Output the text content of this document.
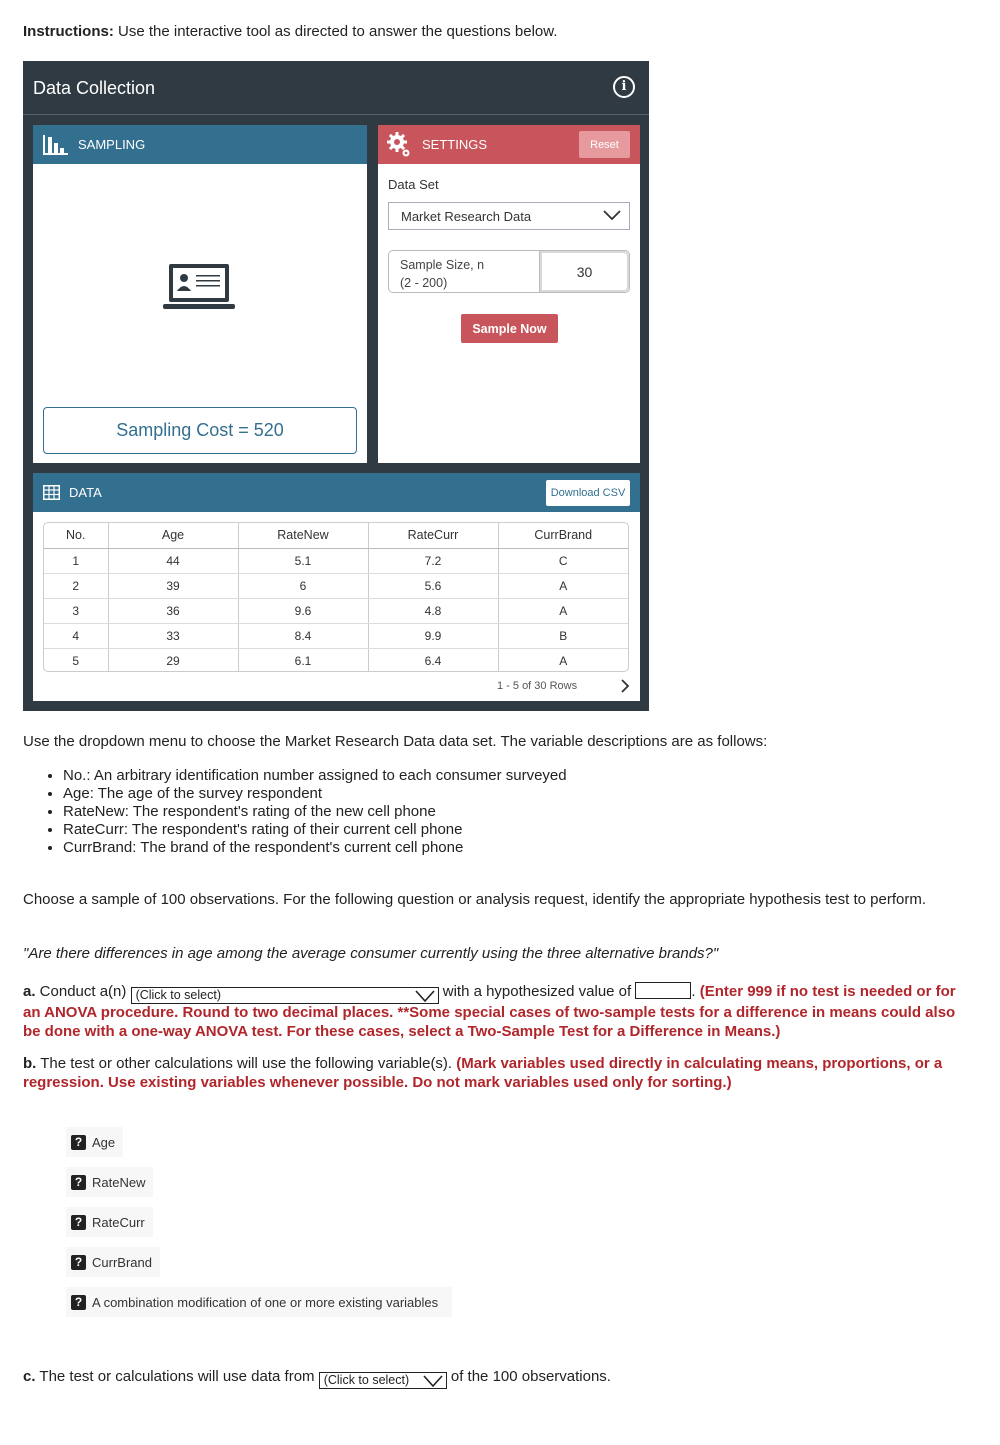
Instructions: Use the interactive tool as directed to answer the questions below.
Data Collection	i
SAMPLING
Sampling Cost = 520
SETTINGS	Reset
Data Set
Market Research Data
Sample Size, n
(2 - 200)
30
Sample Now
DATA	Download CSV
No.	Age	RateNew	RateCurr	CurrBrand
1	44	5.1	7.2	C
2	39	6	5.6	A
3	36	9.6	4.8	A
4	33	8.4	9.9	B
5	29	6.1	6.4	A
1 - 5 of 30 Rows
Use the dropdown menu to choose the Market Research Data data set. The variable descriptions are as follows:
• No.: An arbitrary identification number assigned to each consumer surveyed
• Age: The age of the survey respondent
• RateNew: The respondent's rating of the new cell phone
• RateCurr: The respondent's rating of their current cell phone
• CurrBrand: The brand of the respondent's current cell phone
Choose a sample of 100 observations. For the following question or analysis request, identify the appropriate hypothesis test to perform.
"Are there differences in age among the average consumer currently using the three alternative brands?"
a. Conduct a(n) (Click to select)	with a hypothesized value of	. (Enter 999 if no test is needed or for an ANOVA procedure. Round to two decimal places. **Some special cases of two-sample tests for a difference in means could also be done with a one-way ANOVA test. For these cases, select a Two-Sample Test for a Difference in Means.)
b. The test or other calculations will use the following variable(s). (Mark variables used directly in calculating means, proportions, or a regression. Use existing variables whenever possible. Do not mark variables used only for sorting.)
? Age
? RateNew
? RateCurr
? CurrBrand
? A combination modification of one or more existing variables
c. The test or calculations will use data from (Click to select)	of the 100 observations.
